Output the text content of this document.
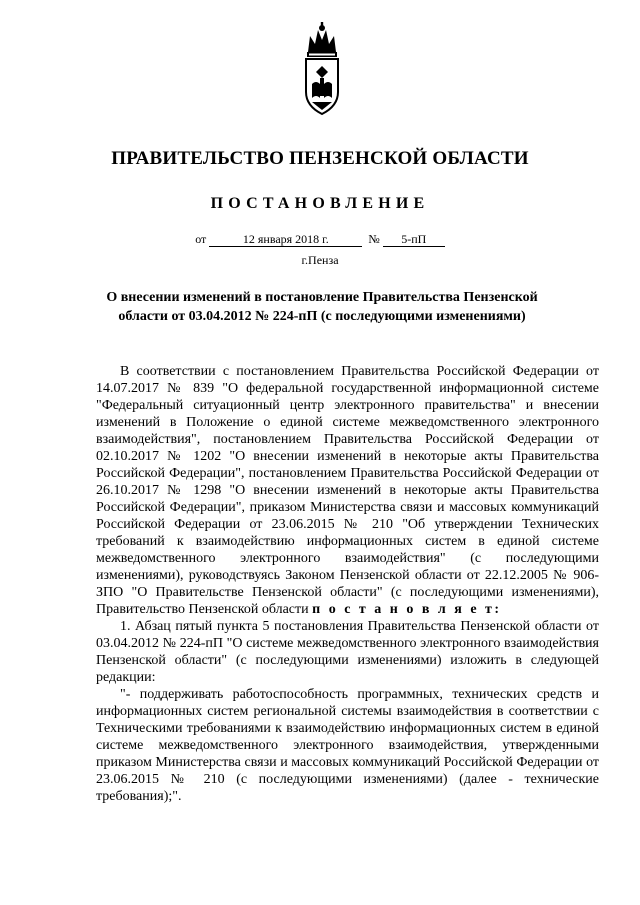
ПРАВИТЕЛЬСТВО ПЕНЗЕНСКОЙ ОБЛАСТИ
ПОСТАНОВЛЕНИЕ
от	12 января 2018 г.	№ 5-пП
г.Пенза
О внесении изменений в постановление Правительства Пензенской области от 03.04.2012 № 224-пП (с последующими изменениями)

В соответствии с постановлением Правительства Российской Федерации от 14.07.2017 № 839 "О федеральной государственной информационной системе "Федеральный ситуационный центр электронного правительства" и внесении изменений в Положение о единой системе межведомственного электронного взаимодействия", постановлением Правительства Российской Федерации от 02.10.2017 № 1202 "О внесении изменений в некоторые акты Правительства Российской Федерации", постановлением Правительства Российской Федерации от 26.10.2017 № 1298 "О внесении изменений в некоторые акты Правительства Российской Федерации", приказом Министерства связи и массовых коммуникаций Российской Федерации от 23.06.2015 № 210 "Об утверждении Технических требований к взаимодействию информационных систем в единой системе межведомственного электронного взаимодействия" (с последующими изменениями), руководствуясь Законом Пензенской области от 22.12.2005 № 906-ЗПО "О Правительстве Пензенской области" (с последующими изменениями), Правительство Пензенской области п о с т а н о в л я е т:

1. Абзац пятый пункта 5 постановления Правительства Пензенской области от 03.04.2012 № 224-пП "О системе межведомственного электронного взаимодействия Пензенской области" (с последующими изменениями) изложить в следующей редакции:

"- поддерживать работоспособность программных, технических средств и информационных систем региональной системы взаимодействия в соответствии с Техническими требованиями к взаимодействию информационных систем в единой системе межведомственного электронного взаимодействия, утвержденными приказом Министерства связи и массовых коммуникаций Российской Федерации от 23.06.2015 № 210 (с последующими изменениями) (далее - технические требования);".
